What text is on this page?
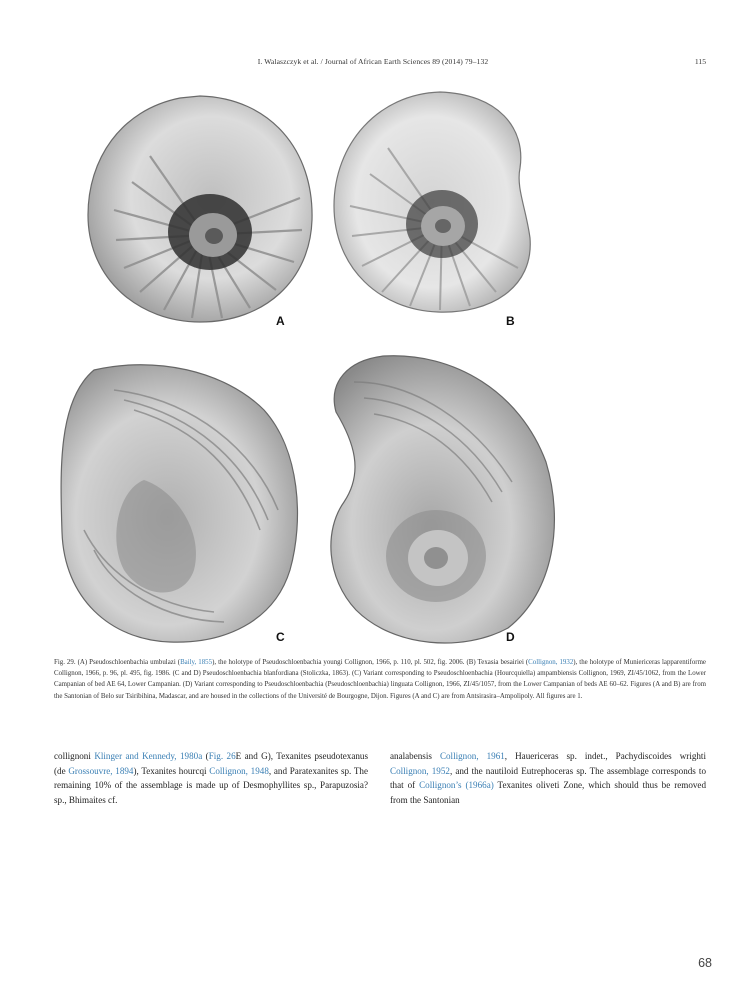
I. Walaszczyk et al. / Journal of African Earth Sciences 89 (2014) 79–132	115
A	B
C	D
Fig. 29. (A) Pseudoschloenbachia umbulazi (Baily, 1855), the holotype of Pseudoschloenbachia youngi Collignon, 1966, p. 110, pl. 502, fig. 2006. (B) Texasia besairiei (Collignon, 1932), the holotype of Muniericeras lapparentiforme Collignon, 1966, p. 96, pl. 495, fig. 1986. (C and D) Pseudoschloenbachia blanfordiana (Stoliczka, 1863). (C) Variant corresponding to Pseudoschloenbachia (Hourcquiella) ampambiensis Collignon, 1969, ZI/45/1062, from the Lower Campanian of bed AE 64, Lower Campanian. (D) Variant corresponding to Pseudoschloenbachia (Pseudoschloenbachia) linguata Collignon, 1966, ZI/45/1057, from the Lower Campanian of beds AE 60–62. Figures (A and B) are from the Santonian of Belo sur Tsiribihina, Madascar, and are housed in the collections of the Université de Bourgogne, Dijon. Figures (A and C) are from Antsirasira–Ampolipoly. All figures are 1.
collignoni Klinger and Kennedy, 1980a (Fig. 26E and G), Texanites pseudotexanus (de Grossouvre, 1894), Texanites hourcqi Collignon, 1948, and Paratexanites sp. The remaining 10% of the assemblage is made up of Desmophyllites sp., Parapuzosia? sp., Bhimaites cf.
analabensis Collignon, 1961, Hauericeras sp. indet., Pachydiscoides wrighti Collignon, 1952, and the nautiloid Eutrephoceras sp. The assemblage corresponds to that of Collignon’s (1966a) Texanites oliveti Zone, which should thus be removed from the Santonian
68
